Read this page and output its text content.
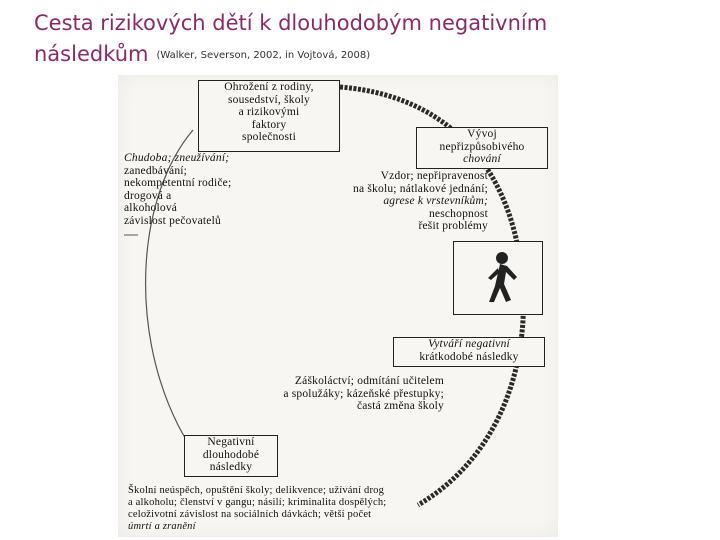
Cesta rizikových dětí k dlouhodobým negativním
následkům (Walker, Severson, 2002, in Vojtová, 2008)
Ohrožení z rodiny,
sousedství, školy
a rizikovými
faktory
společnosti	Vývoj
nepřizpůsobivého
chování
Chudoba; zneužívání;
zanedbávání;
nekompetentní rodiče;
drogová a
alkoholová
závislost pečovatelů
Vzdor; nepřipravenost
na školu; nátlakové jednání;
agrese k vrstevníkům;
neschopnost
řešit problémy
Vytváří negativní
krátkodobé následky
Záškoláctví; odmítání učitelem
a spolužáky; kázeňské přestupky;
častá změna školy
Negativní
dlouhodobé
následky
Školní neúspěch, opuštění školy; delikvence; užívání drog
a alkoholu; členství v gangu; násilí; kriminalita dospělých;
celoživotní závislost na sociálních dávkách; větší počet
úmrtí a zranění
